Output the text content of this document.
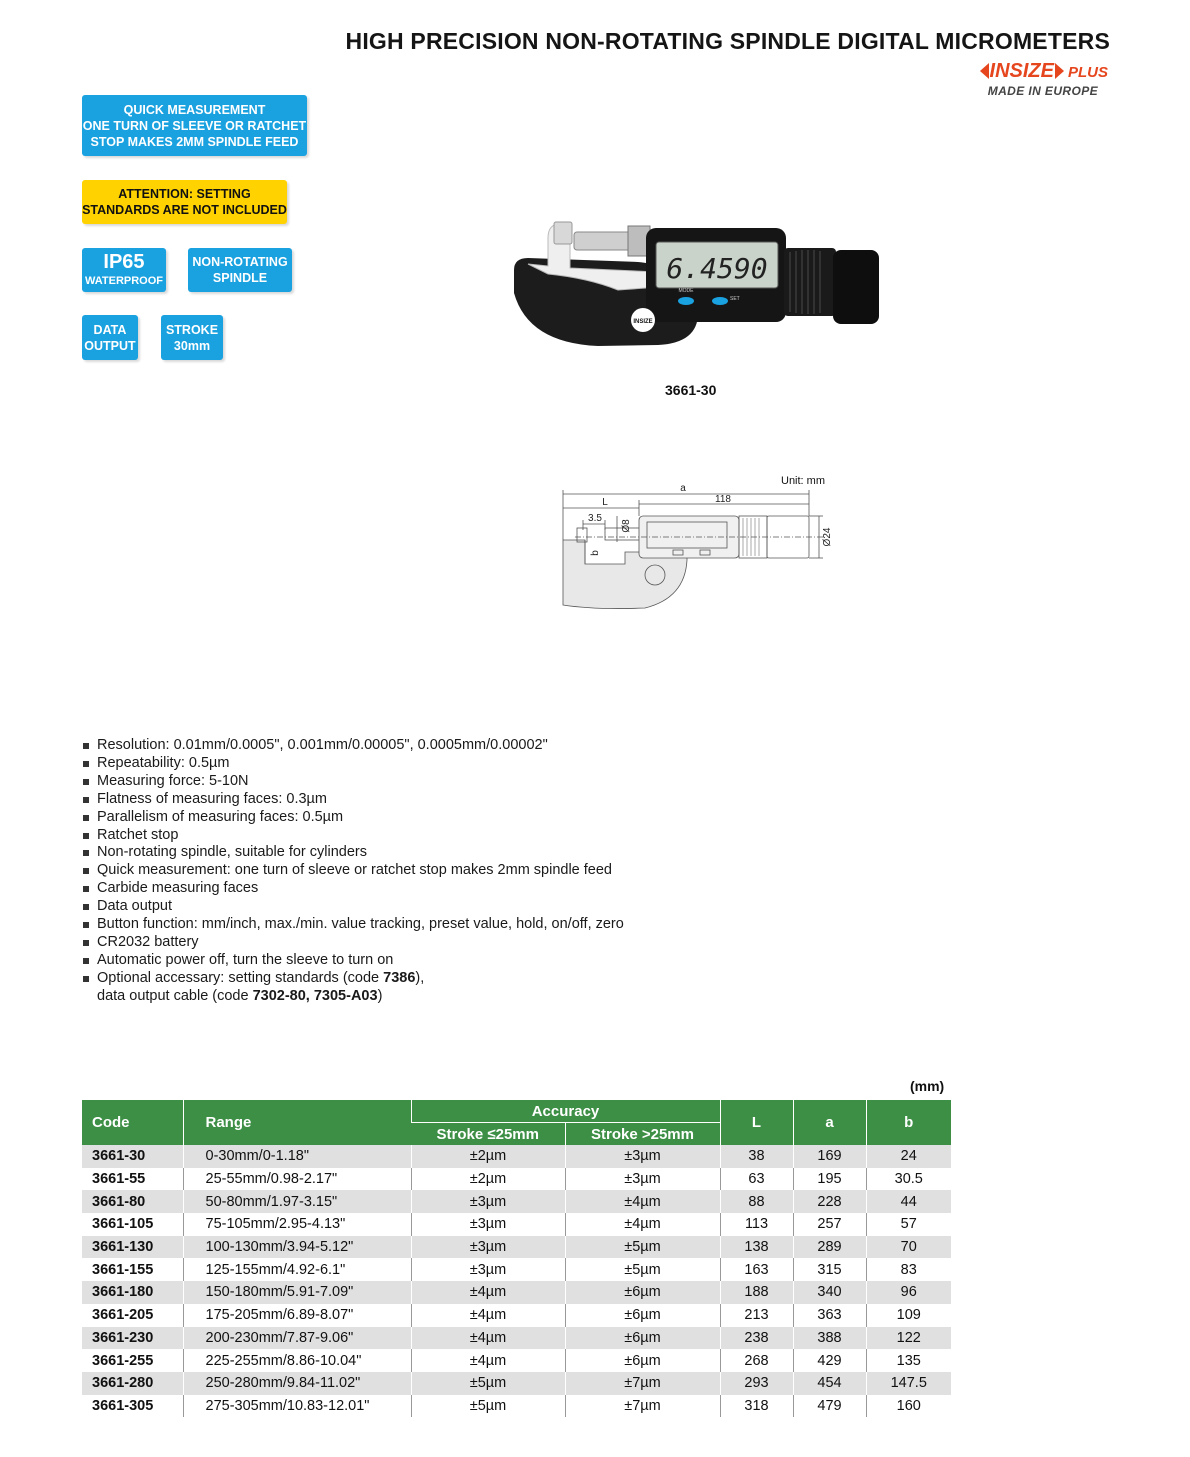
HIGH PRECISION NON-ROTATING SPINDLE DIGITAL MICROMETERS
INSIZE PLUS
MADE IN EUROPE
QUICK MEASUREMENT
ONE TURN OF SLEEVE OR RATCHET
STOP MAKES 2MM SPINDLE FEED
ATTENTION: SETTING
STANDARDS ARE NOT INCLUDED
IP65
WATERPROOF
NON-ROTATING
SPINDLE
DATA
OUTPUT
STROKE
30mm
6.4590
MODE
SET
INSIZE
3661-30
Unit: mm
a
L	118
3.5
Ø8
Ø24
b
Resolution: 0.01mm/0.0005", 0.001mm/0.00005", 0.0005mm/0.00002"
Repeatability: 0.5µm
Measuring force: 5-10N
Flatness of measuring faces: 0.3µm
Parallelism of measuring faces: 0.5µm
Ratchet stop
Non-rotating spindle, suitable for cylinders
Quick measurement: one turn of sleeve or ratchet stop makes 2mm spindle feed
Carbide measuring faces
Data output
Button function: mm/inch, max./min. value tracking, preset value, hold, on/off, zero
CR2032 battery
Automatic power off, turn the sleeve to turn on
Optional accessary: setting standards (code 7386),
data output cable (code 7302-80, 7305-A03)
(mm)
Code	Range	Accuracy		L	a	b
		Stroke ≤25mm	Stroke >25mm			
3661-30	0-30mm/0-1.18"	±2µm	±3µm	38	169	24
3661-55	25-55mm/0.98-2.17"	±2µm	±3µm	63	195	30.5
3661-80	50-80mm/1.97-3.15"	±3µm	±4µm	88	228	44
3661-105	75-105mm/2.95-4.13"	±3µm	±4µm	113	257	57
3661-130	100-130mm/3.94-5.12"	±3µm	±5µm	138	289	70
3661-155	125-155mm/4.92-6.1"	±3µm	±5µm	163	315	83
3661-180	150-180mm/5.91-7.09"	±4µm	±6µm	188	340	96
3661-205	175-205mm/6.89-8.07"	±4µm	±6µm	213	363	109
3661-230	200-230mm/7.87-9.06"	±4µm	±6µm	238	388	122
3661-255	225-255mm/8.86-10.04"	±4µm	±6µm	268	429	135
3661-280	250-280mm/9.84-11.02"	±5µm	±7µm	293	454	147.5
3661-305	275-305mm/10.83-12.01"	±5µm	±7µm	318	479	160
